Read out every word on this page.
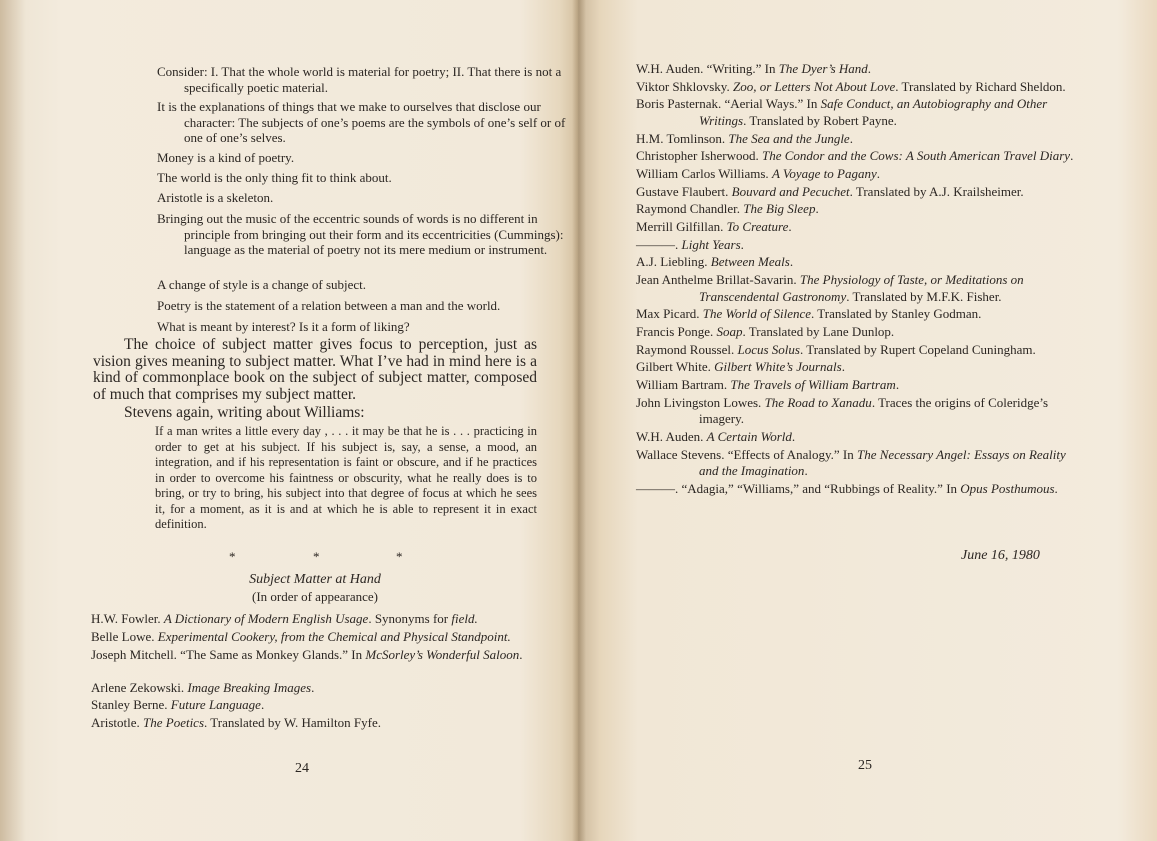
Consider: I. That the whole world is material for poetry; II. That there is not a specifically poetic material.
It is the explanations of things that we make to ourselves that disclose our character: The subjects of one’s poems are the symbols of one’s self or of one of one’s selves.
Money is a kind of poetry.
The world is the only thing fit to think about.
Aristotle is a skeleton.
Bringing out the music of the eccentric sounds of words is no different in principle from bringing out their form and its eccentricities (Cummings): language as the material of poetry not its mere medium or instrument.
A change of style is a change of subject.
Poetry is the statement of a relation between a man and the world.
What is meant by interest? Is it a form of liking?
The choice of subject matter gives focus to perception, just as vision gives meaning to subject matter. What I’ve had in mind here is a kind of commonplace book on the subject of subject matter, composed of much that comprises my subject matter.
Stevens again, writing about Williams:
If a man writes a little every day , . . . it may be that he is . . . practicing in order to get at his subject. If his subject is, say, a sense, a mood, an integration, and if his representation is faint or obscure, and if he practices in order to overcome his faintness or obscurity, what he really does is to bring, or try to bring, his subject into that degree of focus at which he sees it, for a moment, as it is and at which he is able to represent it in exact definition.
*	*	*
Subject Matter at Hand
(In order of appearance)
H.W. Fowler. A Dictionary of Modern English Usage. Synonyms for field.
Belle Lowe. Experimental Cookery, from the Chemical and Physical Standpoint.
Joseph Mitchell. “The Same as Monkey Glands.” In McSorley’s Wonderful Saloon.
Arlene Zekowski. Image Breaking Images.
Stanley Berne. Future Language.
Aristotle. The Poetics. Translated by W. Hamilton Fyfe.
24
W.H. Auden. “Writing.” In The Dyer’s Hand.
Viktor Shklovsky. Zoo, or Letters Not About Love. Translated by Richard Sheldon.
Boris Pasternak. “Aerial Ways.” In Safe Conduct, an Autobiography and Other Writings. Translated by Robert Payne.
H.M. Tomlinson. The Sea and the Jungle.
Christopher Isherwood. The Condor and the Cows: A South American Travel Diary.
William Carlos Williams. A Voyage to Pagany.
Gustave Flaubert. Bouvard and Pecuchet. Translated by A.J. Krailsheimer.
Raymond Chandler. The Big Sleep.
Merrill Gilfillan. To Creature.
———. Light Years.
A.J. Liebling. Between Meals.
Jean Anthelme Brillat-Savarin. The Physiology of Taste, or Meditations on Transcendental Gastronomy. Translated by M.F.K. Fisher.
Max Picard. The World of Silence. Translated by Stanley Godman.
Francis Ponge. Soap. Translated by Lane Dunlop.
Raymond Roussel. Locus Solus. Translated by Rupert Copeland Cuningham.
Gilbert White. Gilbert White’s Journals.
William Bartram. The Travels of William Bartram.
John Livingston Lowes. The Road to Xanadu. Traces the origins of Coleridge’s imagery.
W.H. Auden. A Certain World.
Wallace Stevens. “Effects of Analogy.” In The Necessary Angel: Essays on Reality and the Imagination.
———. “Adagia,” “Williams,” and “Rubbings of Reality.” In Opus Posthumous.
June 16, 1980
25
